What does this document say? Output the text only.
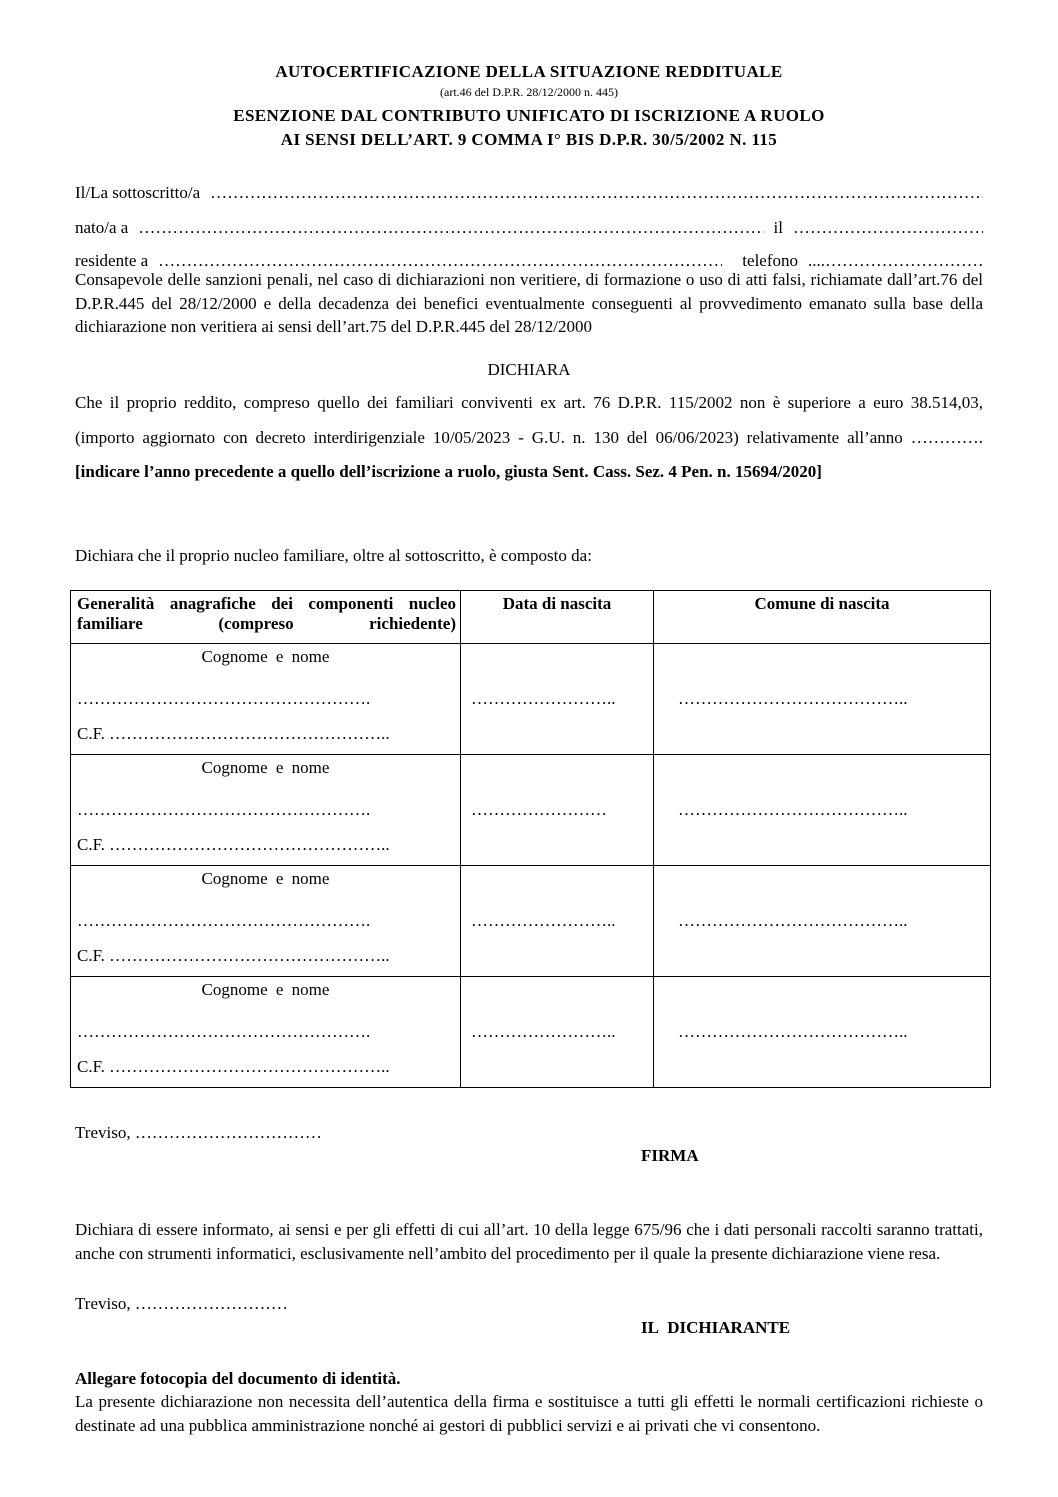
AUTOCERTIFICAZIONE DELLA SITUAZIONE REDDITUALE
(art.46 del D.P.R. 28/12/2000 n. 445)
ESENZIONE DAL CONTRIBUTO UNIFICATO DI ISCRIZIONE A RUOLO
AI SENSI DELL’ART. 9 COMMA I° BIS D.P.R. 30/5/2002 N. 115
Il/La sottoscritto/a
……………………………………………………………………………………………………………………………………………………………………………………………………………………
nato/a a ……………………………………………………………………………………………………………………………………………………………………………………………………………………	il
……………………………………………………………………………………………………………………………………………………………………………………………………………………
residente a ……………………………………………………………………………………………………………………………………………………………………………………………………………………	telefono ....
……………………………………………………………………………………………………………………………………………………………………………………………………………………
Consapevole delle sanzioni penali, nel caso di dichiarazioni non veritiere, di formazione o uso di atti falsi, richiamate dall’art.76 del D.P.R.445 del 28/12/2000 e della decadenza dei benefici eventualmente conseguenti al provvedimento emanato sulla base della dichiarazione non veritiera ai sensi dell’art.75 del D.P.R.445 del 28/12/2000
DICHIARA
Che il proprio reddito, compreso quello dei familiari conviventi ex art. 76 D.P.R. 115/2002 non è superiore a euro 38.514,03, (importo aggiornato con decreto interdirigenziale 10/05/2023 - G.U. n. 130 del 06/06/2023) relativamente all’anno …………. [indicare l’anno precedente a quello dell’iscrizione a ruolo, giusta Sent. Cass. Sez. 4 Pen. n. 15694/2020]
Dichiara che il proprio nucleo familiare, oltre al sottoscritto, è composto da:
Generalità anagrafiche dei componenti nucleo familiare (compreso richiedente)	Data di nascita	Comune di nascita

Cognome e nome
…………………………………………….
C.F. …………………………………………..	……………………..	…………………………………..

Cognome e nome
…………………………………………….
C.F. …………………………………………..	……………………	…………………………………..

Cognome e nome
…………………………………………….
C.F. …………………………………………..	……………………..	…………………………………..

Cognome e nome
…………………………………………….
C.F. …………………………………………..	……………………..	…………………………………..
Treviso, ……………………………
FIRMA
Dichiara di essere informato, ai sensi e per gli effetti di cui all’art. 10 della legge 675/96 che i dati personali raccolti saranno trattati, anche con strumenti informatici, esclusivamente nell’ambito del procedimento per il quale la presente dichiarazione viene resa.
Treviso, ………………………
IL DICHIARANTE
Allegare fotocopia del documento di identità.
La presente dichiarazione non necessita dell’autentica della firma e sostituisce a tutti gli effetti le normali certificazioni richieste o destinate ad una pubblica amministrazione nonché ai gestori di pubblici servizi e ai privati che vi consentono.
